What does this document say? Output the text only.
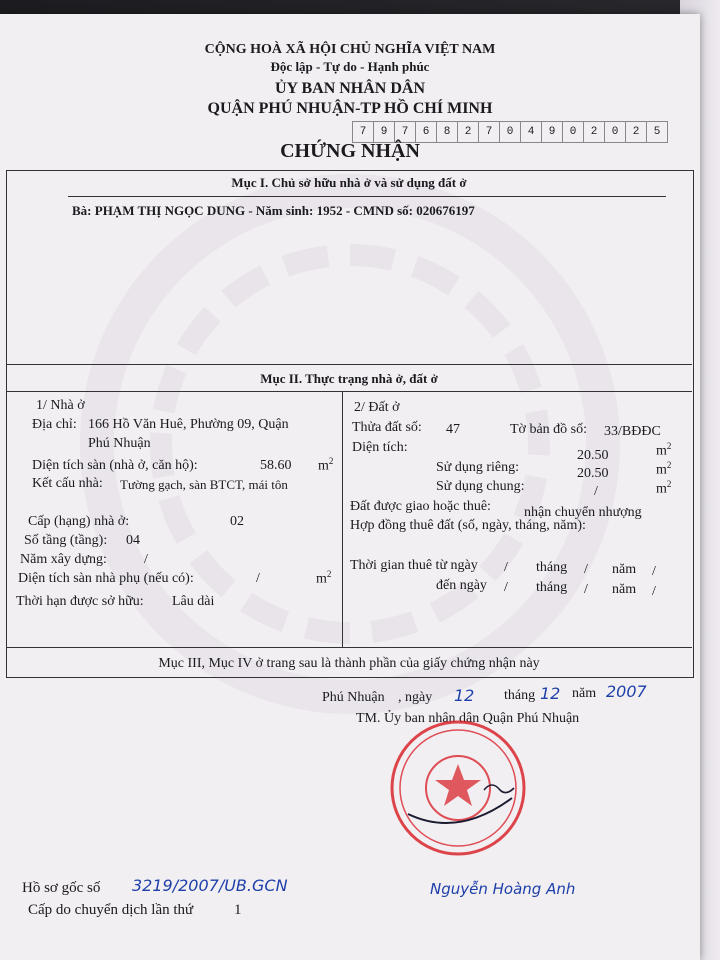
CỘNG HOÀ XÃ HỘI CHỦ NGHĨA VIỆT NAM
Độc lập - Tự do - Hạnh phúc
ỦY BAN NHÂN DÂN
QUẬN PHÚ NHUẬN-TP HỒ CHÍ MINH
7	9	7	6	8	2	7	0	4	9	0	2	0	2	5
CHỨNG NHẬN
Mục I. Chủ sở hữu nhà ở và sử dụng đất ở
Bà: PHẠM THỊ NGỌC DUNG - Năm sinh: 1952 - CMND số: 020676197
Mục II. Thực trạng nhà ở, đất ở
1/ Nhà ở
Địa chỉ: 166 Hồ Văn Huê, Phường 09, Quận
Phú Nhuận
Diện tích sàn (nhà ở, căn hộ):	58.60 $m^2$
Kết cấu nhà: Tường gạch, sàn BTCT, mái tôn
Cấp (hạng) nhà ở:	02
Số tầng (tầng): 04
Năm xây dựng:	/
Diện tích sàn nhà phụ (nếu có):	/	$m^2$
Thời hạn được sở hữu: Lâu dài
2/ Đất ở
Thửa đất số: 47	Tờ bản đồ số: 33/BĐĐC
Diện tích:
20.50	$m^2$
Sử dụng riêng:	20.50	$m^2$
Sử dụng chung:	/	$m^2$
Đất được giao hoặc thuê: nhận chuyển nhượng
Hợp đồng thuê đất (số, ngày, tháng, năm):
Thời gian thuê từ ngày / tháng / năm /
đến ngày / tháng / năm /
Mục III, Mục IV ở trang sau là thành phần của giấy chứng nhận này
Phú Nhuận , ngày 12 tháng 12 năm 2007
TM. Ủy ban nhân dân Quận Phú Nhuận
Nguyễn Hoàng Anh
Hồ sơ gốc số 3219/2007/UB.GCN
Cấp do chuyển dịch lần thứ	1
